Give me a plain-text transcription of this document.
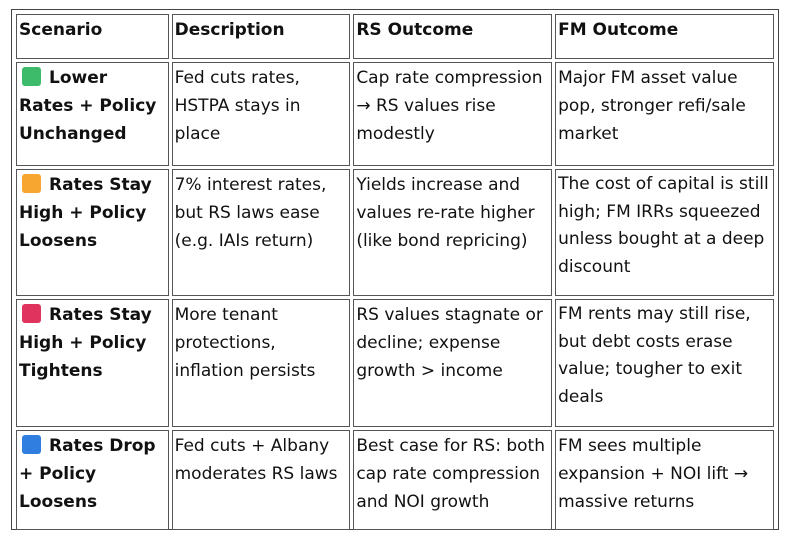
Scenario	Description	RS Outcome	FM Outcome
Lower Rates + Policy Unchanged	Fed cuts rates, HSTPA stays in place	Cap rate compression → RS values rise modestly	Major FM asset value pop, stronger refi/sale market
Rates Stay High + Policy Loosens	7% interest rates, but RS laws ease (e.g. IAIs return)	Yields increase and values re-rate higher (like bond repricing)	The cost of capital is still high; FM IRRs squeezed unless bought at a deep discount
Rates Stay High + Policy Tightens	More tenant protections, inflation persists	RS values stagnate or decline; expense growth > income	FM rents may still rise, but debt costs erase value; tougher to exit deals
Rates Drop + Policy Loosens	Fed cuts + Albany moderates RS laws	Best case for RS: both cap rate compression and NOI growth	FM sees multiple expansion + NOI lift → massive returns
